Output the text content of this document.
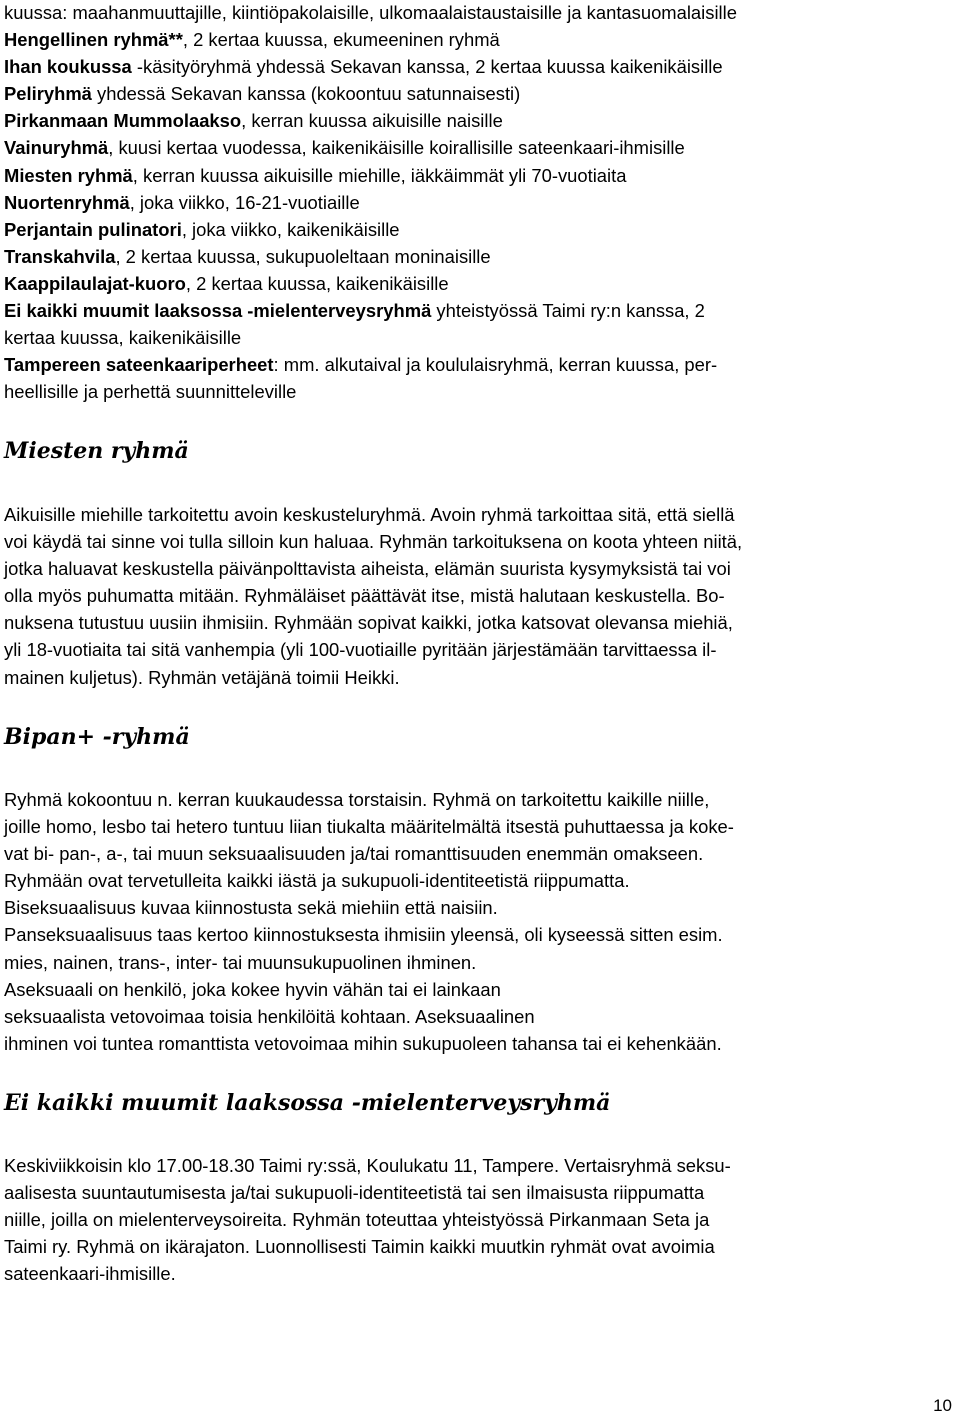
kuussa: maahanmuuttajille, kiintiöpakolaisille, ulkomaalaistaustaisille ja kantasuomalaisille
Hengellinen ryhmä**, 2 kertaa kuussa, ekumeeninen ryhmä
Ihan koukussa -käsityöryhmä yhdessä Sekavan kanssa, 2 kertaa kuussa kaikenikäisille
Peliryhmä yhdessä Sekavan kanssa (kokoontuu satunnaisesti)
Pirkanmaan Mummolaakso, kerran kuussa aikuisille naisille
Vainuryhmä, kuusi kertaa vuodessa, kaikenikäisille koirallisille sateenkaari-ihmisille
Miesten ryhmä, kerran kuussa aikuisille miehille, iäkkäimmät yli 70-vuotiaita
Nuortenryhmä, joka viikko, 16-21-vuotiaille
Perjantain pulinatori, joka viikko, kaikenikäisille
Transkahvila, 2 kertaa kuussa, sukupuoleltaan moninaisille
Kaappilaulajat-kuoro, 2 kertaa kuussa, kaikenikäisille
Ei kaikki muumit laaksossa -mielenterveysryhmä yhteistyössä Taimi ry:n kanssa, 2
kertaa kuussa, kaikenikäisille
Tampereen sateenkaariperheet: mm. alkutaival ja koululaisryhmä, kerran kuussa, per-
heellisille ja perhettä suunnitteleville
Miesten ryhmä
Aikuisille miehille tarkoitettu avoin keskusteluryhmä. Avoin ryhmä tarkoittaa sitä, että siellä
voi käydä tai sinne voi tulla silloin kun haluaa. Ryhmän tarkoituksena on koota yhteen niitä,
jotka haluavat keskustella päivänpolttavista aiheista, elämän suurista kysymyksistä tai voi
olla myös puhumatta mitään. Ryhmäläiset päättävät itse, mistä halutaan keskustella. Bo-
nuksena tutustuu uusiin ihmisiin. Ryhmään sopivat kaikki, jotka katsovat olevansa miehiä,
yli 18-vuotiaita tai sitä vanhempia (yli 100-vuotiaille pyritään järjestämään tarvittaessa il-
mainen kuljetus). Ryhmän vetäjänä toimii Heikki.
Bipan+ -ryhmä
Ryhmä kokoontuu n. kerran kuukaudessa torstaisin. Ryhmä on tarkoitettu kaikille niille,
joille homo, lesbo tai hetero tuntuu liian tiukalta määritelmältä itsestä puhuttaessa ja koke-
vat bi- pan-, a-, tai muun seksuaalisuuden ja/tai romanttisuuden enemmän omakseen.
Ryhmään ovat tervetulleita kaikki iästä ja sukupuoli-identiteetistä riippumatta.
Biseksuaalisuus kuvaa kiinnostusta sekä miehiin että naisiin.
Panseksuaalisuus taas kertoo kiinnostuksesta ihmisiin yleensä, oli kyseessä sitten esim.
mies, nainen, trans-, inter- tai muunsukupuolinen ihminen.
Aseksuaali on henkilö, joka kokee hyvin vähän tai ei lainkaan
seksuaalista vetovoimaa toisia henkilöitä kohtaan. Aseksuaalinen
ihminen voi tuntea romanttista vetovoimaa mihin sukupuoleen tahansa tai ei kehenkään.
Ei kaikki muumit laaksossa -mielenterveysryhmä
Keskiviikkoisin klo 17.00-18.30 Taimi ry:ssä, Koulukatu 11, Tampere. Vertaisryhmä seksu-
aalisesta suuntautumisesta ja/tai sukupuoli-identiteetistä tai sen ilmaisusta riippumatta
niille, joilla on mielenterveysoireita. Ryhmän toteuttaa yhteistyössä Pirkanmaan Seta ja
Taimi ry. Ryhmä on ikärajaton. Luonnollisesti Taimin kaikki muutkin ryhmät ovat avoimia
sateenkaari-ihmisille.
10
